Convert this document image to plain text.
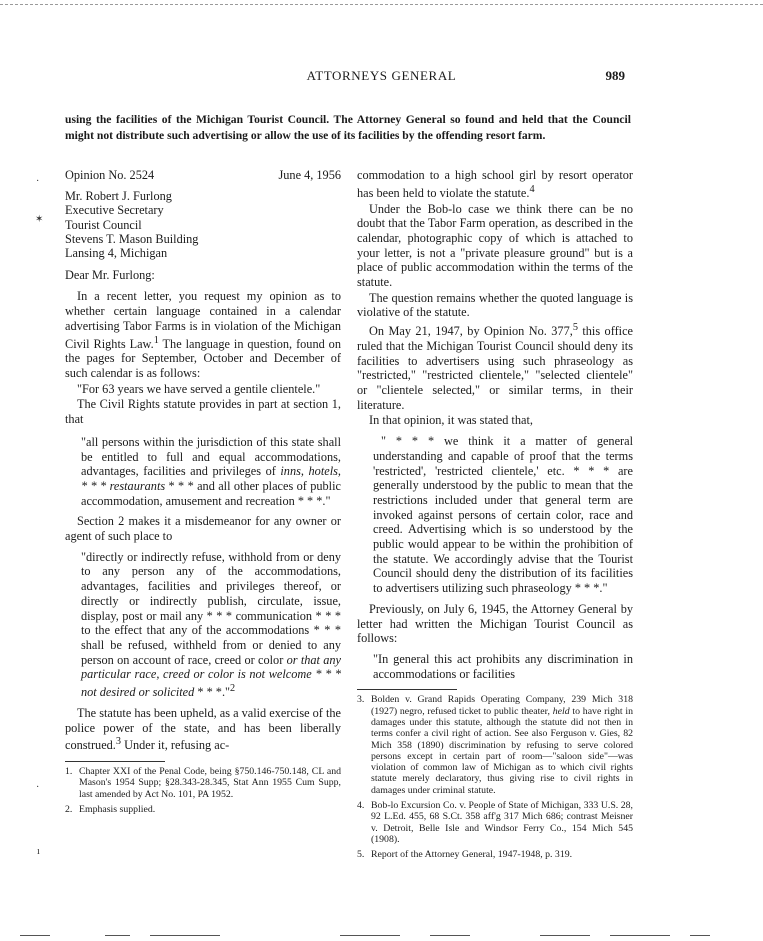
ATTORNEYS GENERAL	989

using the facilities of the Michigan Tourist Council. The Attorney General so found and held that the Council might not distribute such advertising or allow the use of its facilities by the offending resort farm.

Opinion No. 2524	June 4, 1956
Mr. Robert J. Furlong
Executive Secretary
Tourist Council
Stevens T. Mason Building
Lansing 4, Michigan
Dear Mr. Furlong:

In a recent letter, you request my opinion as to whether certain language contained in a calendar advertising Tabor Farms is in violation of the Michigan Civil Rights Law.$^1$ The language in question, found on the pages for September, October and December of such calendar is as follows:

"For 63 years we have served a gentile clientele."

The Civil Rights statute provides in part at section 1, that

"all persons within the jurisdiction of this state shall be entitled to full and equal accommodations, advantages, facilities and privileges of inns, hotels, * * * restaurants * * * and all other places of public accommodation, amusement and recreation * * *."

Section 2 makes it a misdemeanor for any owner or agent of such place to

"directly or indirectly refuse, withhold from or deny to any person any of the accommodations, advantages, facilities and privileges thereof, or directly or indirectly publish, circulate, issue, display, post or mail any * * * communication * * * to the effect that any of the accommodations * * * shall be refused, withheld from or denied to any person on account of race, creed or color or that any particular race, creed or color is not welcome * * * not desired or solicited * * *."$^2$

The statute has been upheld, as a valid exercise of the police power of the state, and has been liberally construed.$^3$ Under it, refusing ac-

1. Chapter XXI of the Penal Code, being §750.146-750.148, CL and Mason's 1954 Supp; §28.343-28.345, Stat Ann 1955 Cum Supp, last amended by Act No. 101, PA 1952.
2. Emphasis supplied.

commodation to a high school girl by resort operator has been held to violate the statute.$^4$

Under the Bob-lo case we think there can be no doubt that the Tabor Farm operation, as described in the calendar, photographic copy of which is attached to your letter, is not a "private pleasure ground" but is a place of public accommodation within the terms of the statute.

The question remains whether the quoted language is violative of the statute.

On May 21, 1947, by Opinion No. 377,$^5$ this office ruled that the Michigan Tourist Council should deny its facilities to advertisers using such phraseology as "restricted," "restricted clientele," "selected clientele" or "clientele selected," or similar terms, in their literature.

In that opinion, it was stated that,

" * * * we think it a matter of general understanding and capable of proof that the terms 'restricted', 'restricted clientele,' etc. * * * are generally understood by the public to mean that the restrictions included under that general term are invoked against persons of certain color, race and creed. Advertising which is so understood by the public would appear to be within the prohibition of the statute. We accordingly advise that the Tourist Council should deny the distribution of its facilities to advertisers utilizing such phraseology * * *."

Previously, on July 6, 1945, the Attorney General by letter had written the Michigan Tourist Council as follows:

"In general this act prohibits any discrimination in accommodations or facilities

3. Bolden v. Grand Rapids Operating Company, 239 Mich 318 (1927) negro, refused ticket to public theater, held to have right in damages under this statute, although the statute did not then in terms confer a civil right of action. See also Ferguson v. Gies, 82 Mich 358 (1890) discrimination by refusing to serve colored persons except in certain part of room—"saloon side"—was violation of common law of Michigan as to which civil rights statute merely declaratory, thus giving rise to civil rights in damages under criminal statute.
4. Bob-lo Excursion Co. v. People of State of Michigan, 333 U.S. 28, 92 L.Ed. 455, 68 S.Ct. 358 aff'g 317 Mich 686; contrast Meisner v. Detroit, Belle Isle and Windsor Ferry Co., 154 Mich 545 (1908).
5. Report of the Attorney General, 1947-1948, p. 319.
·
✶
·
ı
